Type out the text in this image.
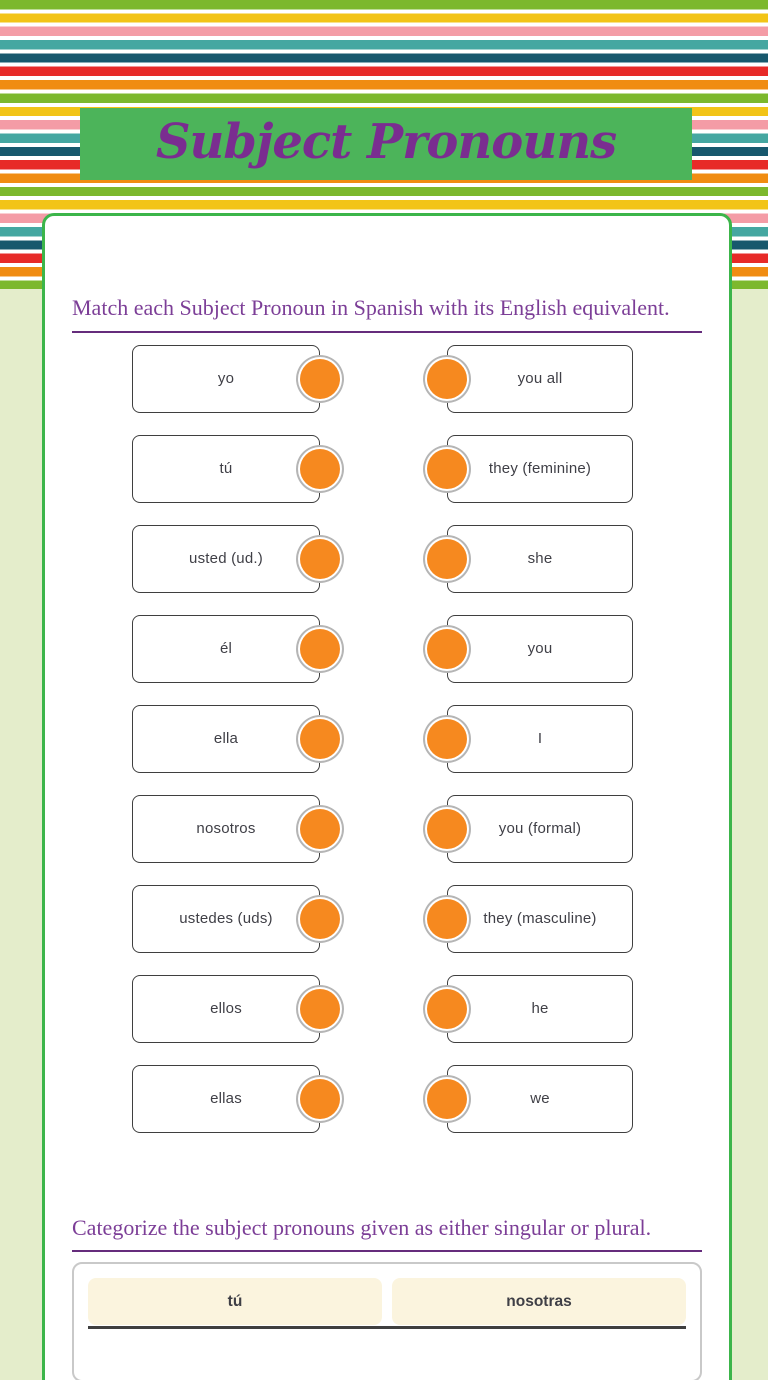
Subject Pronouns
Match each Subject Pronoun in Spanish with its English equivalent.
yo	you all
tú	they (feminine)
usted (ud.)	she
él	you
ella	I
nosotros	you (formal)
ustedes (uds)	they (masculine)
ellos	he
ellas	we
Categorize the subject pronouns given as either singular or plural.
tú	nosotras
